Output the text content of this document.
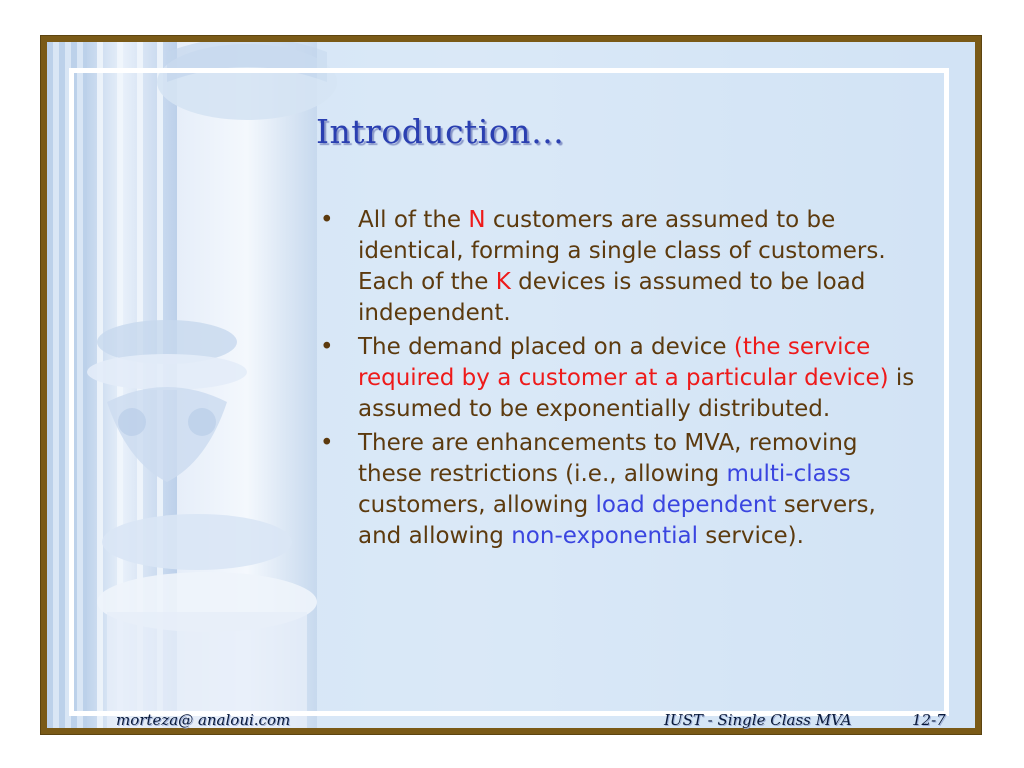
Introduction…
• All of the N customers are assumed to be identical, forming a single class of customers. Each of the K devices is assumed to be load independent.
• The demand placed on a device (the service required by a customer at a particular device) is assumed to be exponentially distributed.
• There are enhancements to MVA, removing these restrictions (i.e., allowing multi-class customers, allowing load dependent servers, and allowing non-exponential service).
morteza@ analoui.com	IUST - Single Class MVA	12-7
